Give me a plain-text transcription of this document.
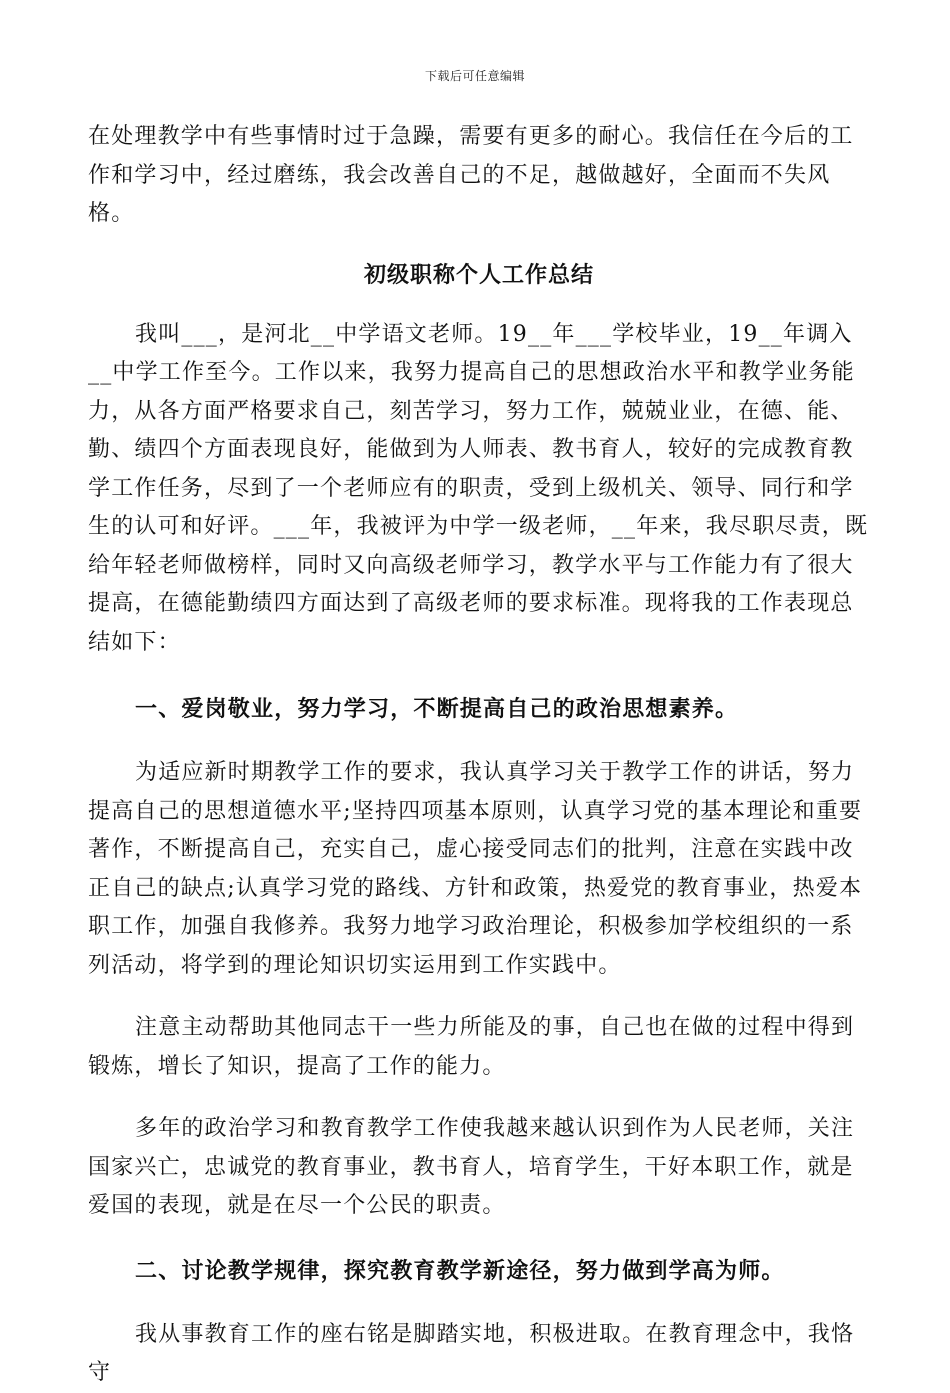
下载后可任意编辑

在处理教学中有些事情时过于急躁，需要有更多的耐心。我信任在今后的工作和学习中，经过磨练，我会改善自己的不足，越做越好，全面而不失风格。

初级职称个人工作总结

我叫___，是河北__中学语文老师。19__年___学校毕业，19__年调入__中学工作至今。工作以来，我努力提高自己的思想政治水平和教学业务能力，从各方面严格要求自己，刻苦学习，努力工作，兢兢业业，在德、能、勤、绩四个方面表现良好，能做到为人师表、教书育人，较好的完成教育教学工作任务，尽到了一个老师应有的职责，受到上级机关、领导、同行和学生的认可和好评。___年，我被评为中学一级老师，__年来，我尽职尽责，既给年轻老师做榜样，同时又向高级老师学习，教学水平与工作能力有了很大提高，在德能勤绩四方面达到了高级老师的要求标准。现将我的工作表现总结如下：

一、爱岗敬业，努力学习，不断提高自己的政治思想素养。

为适应新时期教学工作的要求，我认真学习关于教学工作的讲话，努力提高自己的思想道德水平;坚持四项基本原则，认真学习党的基本理论和重要著作，不断提高自己，充实自己，虚心接受同志们的批判，注意在实践中改正自己的缺点;认真学习党的路线、方针和政策，热爱党的教育事业，热爱本职工作，加强自我修养。我努力地学习政治理论，积极参加学校组织的一系列活动，将学到的理论知识切实运用到工作实践中。

注意主动帮助其他同志干一些力所能及的事，自己也在做的过程中得到锻炼，增长了知识，提高了工作的能力。

多年的政治学习和教育教学工作使我越来越认识到作为人民老师，关注国家兴亡，忠诚党的教育事业，教书育人，培育学生，干好本职工作，就是爱国的表现，就是在尽一个公民的职责。

二、讨论教学规律，探究教育教学新途径，努力做到学高为师。

我从事教育工作的座右铭是脚踏实地，积极进取。在教育理念中，我恪守
